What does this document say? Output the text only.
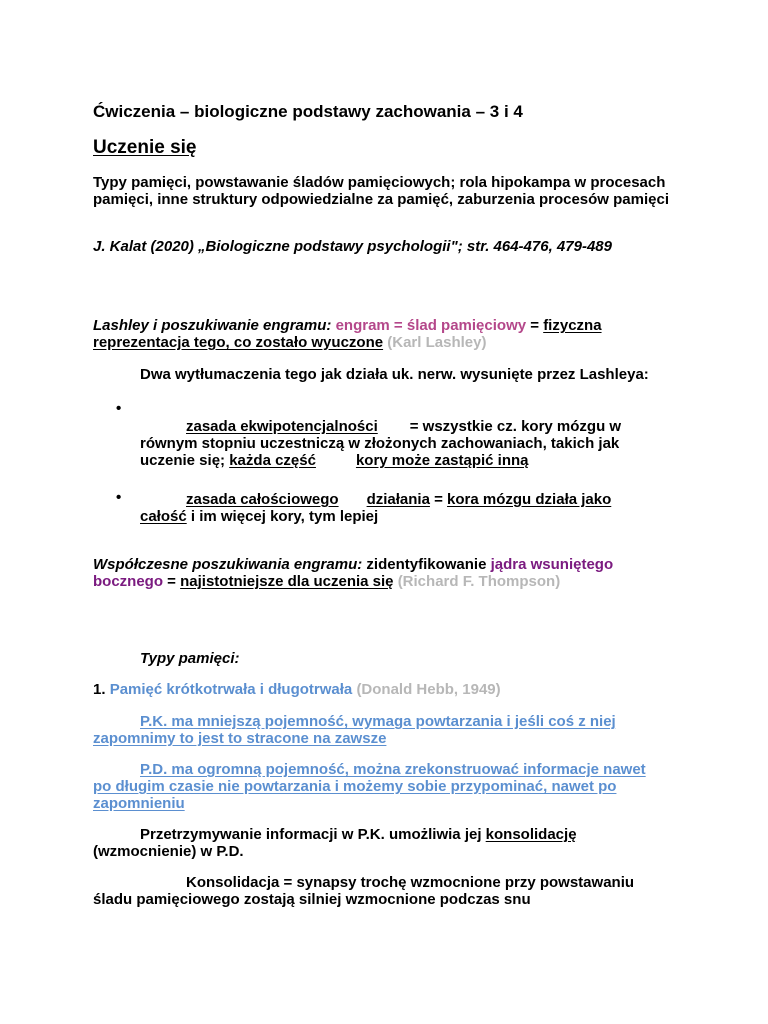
Ćwiczenia – biologiczne podstawy zachowania – 3 i 4
Uczenie się
Typy pamięci, powstawanie śladów pamięciowych; rola hipokampa w procesach pamięci, inne struktury odpowiedzialne za pamięć, zaburzenia procesów pamięci
J. Kalat (2020) „Biologiczne podstawy psychologii"; str. 464-476, 479-489
Lashley i poszukiwanie engramu: engram = ślad pamięciowy = fizyczna
reprezentacja tego, co zostało wyuczone (Karl Lashley)
Dwa wytłumaczenia tego jak działa uk. nerw. wysunięte przez Lashleya:
•
zasada ekwipotencjalności = wszystkie cz. kory mózgu w
równym stopniu uczestniczą w złożonych zachowaniach, takich jak
uczenie się; każda część	kory może zastąpić inną
•	zasada całościowego działania = kora mózgu działa jako
całość i im więcej kory, tym lepiej
Współczesne poszukiwania engramu: zidentyfikowanie jądra wsuniętego
bocznego = najistotniejsze dla uczenia się (Richard F. Thompson)
Typy pamięci:
1. Pamięć krótkotrwała i długotrwała (Donald Hebb, 1949)
P.K. ma mniejszą pojemność, wymaga powtarzania i jeśli coś z niej
zapomnimy to jest to stracone na zawsze
P.D. ma ogromną pojemność, można zrekonstruować informacje nawet
po długim czasie nie powtarzania i możemy sobie przypominać, nawet po
zapomnieniu
Przetrzymywanie informacji w P.K. umożliwia jej konsolidację
(wzmocnienie) w P.D.
Konsolidacja = synapsy trochę wzmocnione przy powstawaniu
śladu pamięciowego zostają silniej wzmocnione podczas snu
